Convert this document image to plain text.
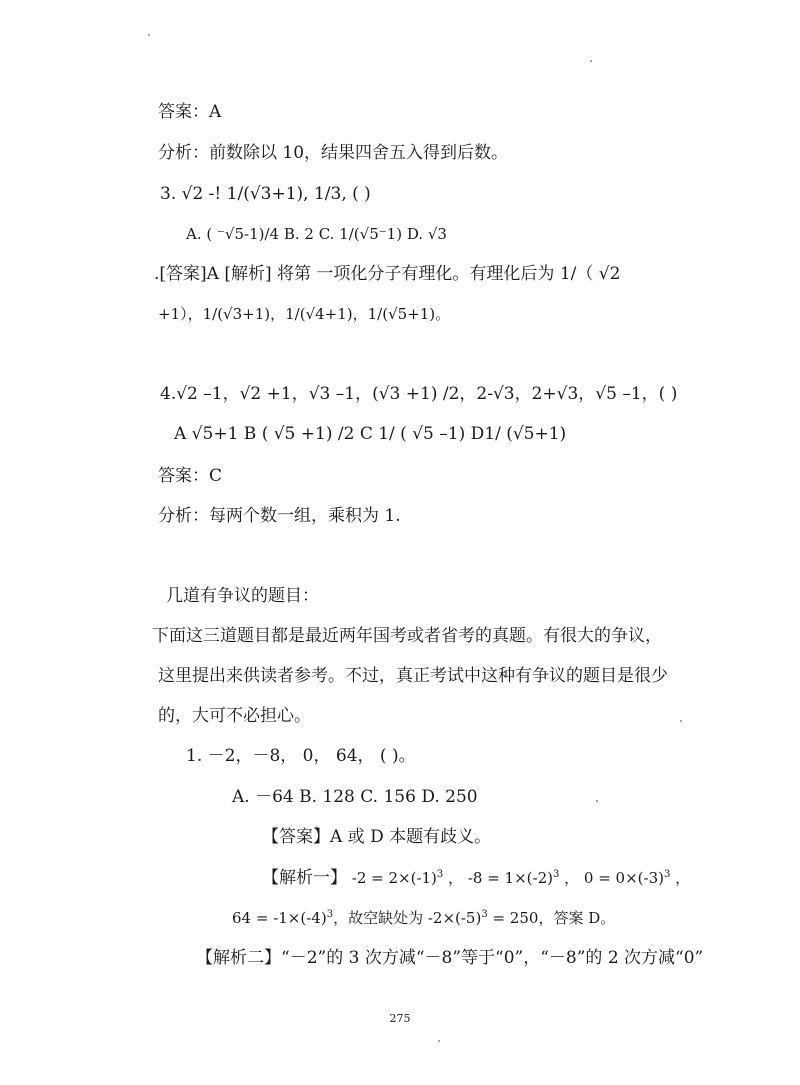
答案：A
分析：前数除以 10，结果四舍五入得到后数。
3. √2 -! 1/(√3+1), 1/3, ( )
A. ( ⁻√5-1)/4 B. 2 C. 1/(√5⁻1) D. √3
.[答案]A [解析] 将第 一项化分子有理化。有理化后为 1/（ √2
+1），1/(√3+1)，1/(√4+1)，1/(√5+1)。
4.√2 –1，√2 +1，√3 –1，(√3 +1) /2，2-√3，2+√3，√5 –1，( )
A √5+1 B ( √5 +1) /2 C 1/ ( √5 –1) D1/ (√5+1)
答案：C
分析：每两个数一组，乘积为 1.
几道有争议的题目：
下面这三道题目都是最近两年国考或者省考的真题。有很大的争议，
这里提出来供读者参考。不过，真正考试中这种有争议的题目是很少
的，大可不必担心。
1. －2，－8， 0， 64， ( )。
A. －64 B. 128 C. 156 D. 250
【答案】A 或 D 本题有歧义。
【解析一】 $-2 = 2\times(-1)^3$ ， $-8 = 1\times(-2)^3$ ， $0 = 0\times(-3)^3$ ，
$64 = -1\times(-4)^3$，故空缺处为 $-2\times(-5)^3 = 250$，答案 D。
【解析二】“－2”的 3 次方减“－8”等于“0”，“－8”的 2 次方减“0”
275
